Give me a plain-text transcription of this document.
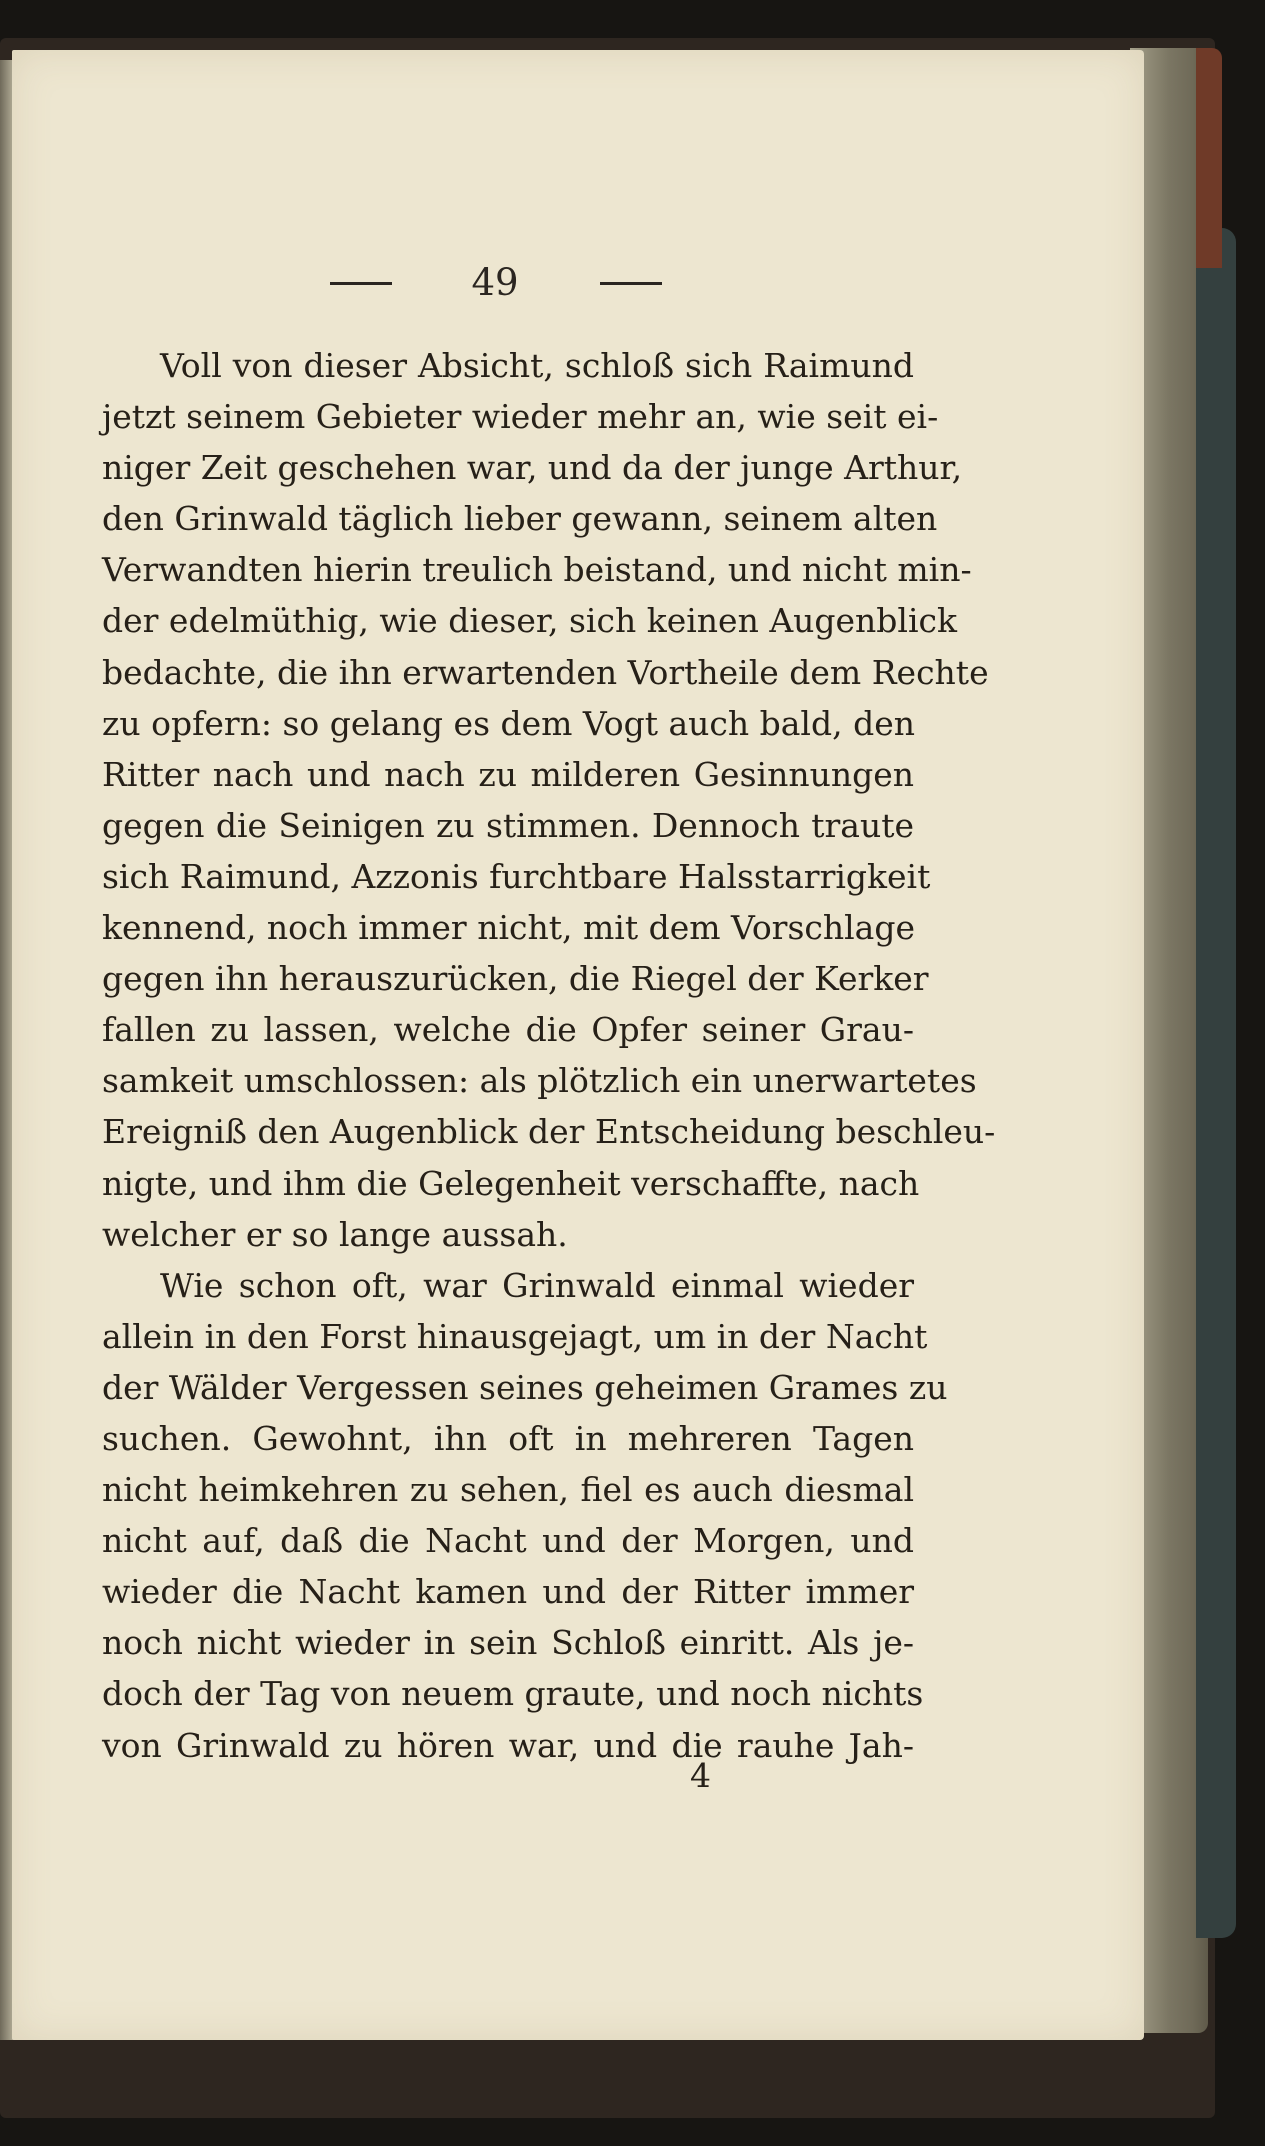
49
Voll von dieser Absicht, schloß sich Raimund
jetzt seinem Gebieter wieder mehr an, wie seit ei-
niger Zeit geschehen war, und da der junge Arthur,
den Grinwald täglich lieber gewann, seinem alten
Verwandten hierin treulich beistand, und nicht min-
der edelmüthig, wie dieser, sich keinen Augenblick
bedachte, die ihn erwartenden Vortheile dem Rechte
zu opfern: so gelang es dem Vogt auch bald, den
Ritter nach und nach zu milderen Gesinnungen
gegen die Seinigen zu stimmen. Dennoch traute
sich Raimund, Azzonis furchtbare Halsstarrigkeit
kennend, noch immer nicht, mit dem Vorschlage
gegen ihn herauszurücken, die Riegel der Kerker
fallen zu lassen, welche die Opfer seiner Grau-
samkeit umschlossen: als plötzlich ein unerwartetes
Ereigniß den Augenblick der Entscheidung beschleu-
nigte, und ihm die Gelegenheit verschaffte, nach
welcher er so lange aussah.
Wie schon oft, war Grinwald einmal wieder
allein in den Forst hinausgejagt, um in der Nacht
der Wälder Vergessen seines geheimen Grames zu
suchen. Gewohnt, ihn oft in mehreren Tagen
nicht heimkehren zu sehen, fiel es auch diesmal
nicht auf, daß die Nacht und der Morgen, und
wieder die Nacht kamen und der Ritter immer
noch nicht wieder in sein Schloß einritt. Als je-
doch der Tag von neuem graute, und noch nichts
von Grinwald zu hören war, und die rauhe Jah-
4
